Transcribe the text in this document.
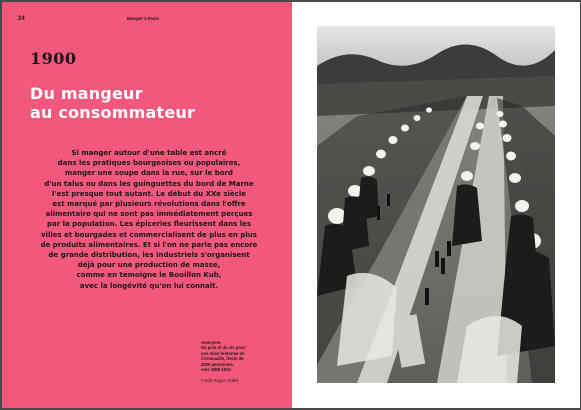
24	Manger à Paris
1900
Du mangeur
au consommateur
Si manger autour d'une table est ancré
dans les pratiques bourgeoises ou populaires,
manger une soupe dans la rue, sur le bord
d'un talus ou dans les guinguettes du bord de Marne
l'est presque tout autant. Le début du XXe siècle
est marqué par plusieurs révolutions dans l'offre
alimentaire qui ne sont pas immédiatement perçues
par la population. Les épiceries fleurissent dans les
villes et bourgades et commercialisent de plus en plus
de produits alimentaires. Et si l'on ne parle pas encore
de grande distribution, les industriels s'organisent
déjà pour une production de masse,
comme en témoigne le Bouillon Kub,
avec la longévité qu'on lui connaît.

Anonyme,
Du pain et du vin pour
une noce bretonne en
Cornouaille, festin de
2000 personnes,
vers 1900-1910

Fonds Roger-Viollet
